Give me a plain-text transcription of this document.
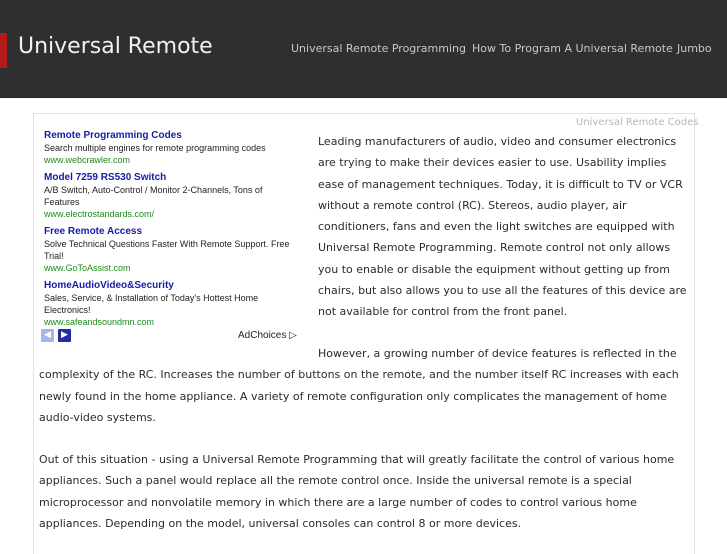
Universal Remote	Universal Remote Programming How To Program A Universal Remote Jumbo
Universal Remote Codes
Remote Programming Codes
Search multiple engines for remote programming codes
www.webcrawler.com
Model 7259 RS530 Switch
A/B Switch, Auto-Control / Monitor 2-Channels, Tons of Features
www.electrostandards.com/
Free Remote Access
Solve Technical Questions Faster With Remote Support. Free Trial!
www.GoToAssist.com
HomeAudioVideo&Security
Sales, Service, & Installation of Today's Hottest Home Electronics!
www.safeandsoundmn.com
◀	▶	AdChoices ▷
Leading manufacturers of audio, video and consumer electronics are trying to make their devices easier to use. Usability implies ease of management techniques. Today, it is difficult to TV or VCR without a remote control (RC). Stereos, audio player, air conditioners, fans and even the light switches are equipped with Universal Remote Programming. Remote control not only allows you to enable or disable the equipment without getting up from chairs, but also allows you to use all the features of this device are not available for control from the front panel.
However, a growing number of device features is reflected in the complexity of the RC. Increases the number of buttons on the remote, and the number itself RC increases with each newly found in the home appliance. A variety of remote configuration only complicates the management of home audio-video systems.
Out of this situation - using a Universal Remote Programming that will greatly facilitate the control of various home appliances. Such a panel would replace all the remote control once. Inside the universal remote is a special microprocessor and nonvolatile memory in which there are a large number of codes to control various home appliances. Depending on the model, universal consoles can control 8 or more devices.
